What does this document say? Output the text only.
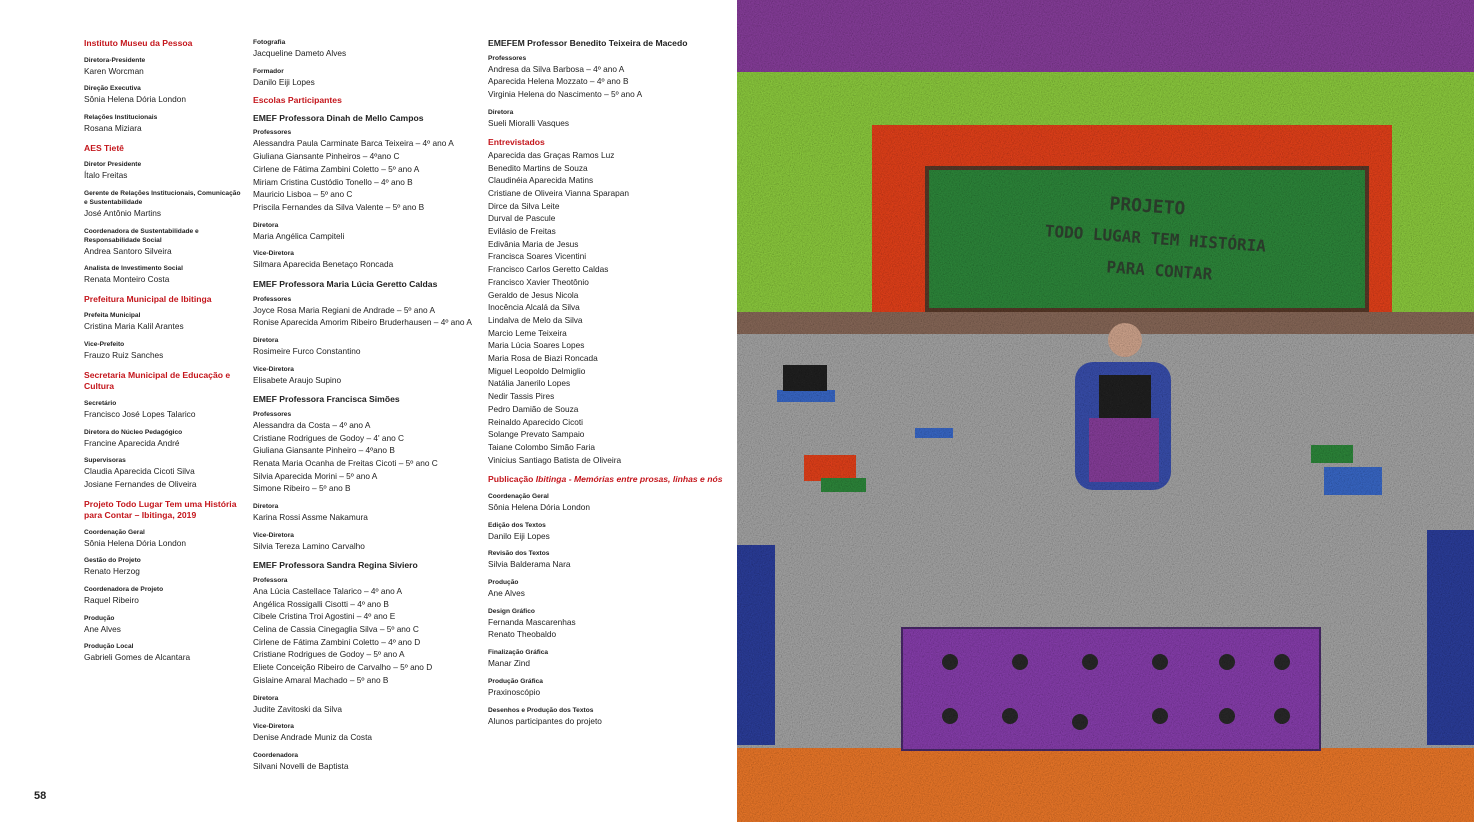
Instituto Museu da Pessoa

Diretora-Presidente

Karen Worcman

Direção Executiva

Sônia Helena Dória London

Relações Institucionais

Rosana Miziara

AES Tietê

Diretor Presidente

Ítalo Freitas

Gerente de Relações Institucionais, Comunicação e Sustentabilidade

José Antônio Martins

Coordenadora de Sustentabilidade e Responsabilidade Social

Andrea Santoro Silveira

Analista de Investimento Social

Renata Monteiro Costa

Prefeitura Municipal de Ibitinga

Prefeita Municipal

Cristina Maria Kalil Arantes

Vice-Prefeito

Frauzo Ruiz Sanches

Secretaria Municipal de Educação e Cultura

Secretário

Francisco José Lopes Talarico

Diretora do Núcleo Pedagógico

Francine Aparecida André

Supervisoras

Claudia Aparecida Cicoti Silva

Josiane Fernandes de Oliveira

Projeto Todo Lugar Tem uma História para Contar – Ibitinga, 2019

Coordenação Geral

Sônia Helena Dória London

Gestão do Projeto

Renato Herzog

Coordenadora de Projeto

Raquel Ribeiro

Produção

Ane Alves

Produção Local

Gabrieli Gomes de Alcantara

Fotografia

Jacqueline Dameto Alves

Formador

Danilo Eiji Lopes

Escolas Participantes

EMEF Professora Dinah de Mello Campos

Professores

Alessandra Paula Carminate Barca Teixeira – 4º ano A

Giuliana Giansante Pinheiros – 4ºano C

Cirlene de Fátima Zambini Coletto – 5º ano A

Miriam Cristina Custódio Tonello – 4º ano B

Mauricio Lisboa – 5º ano C

Priscila Fernandes da Silva Valente – 5º ano B

Diretora

Maria Angélica Campiteli

Vice-Diretora

Silmara Aparecida Benetaço Roncada

EMEF Professora Maria Lúcia Geretto Caldas

Professores

Joyce Rosa Maria Regiani de Andrade – 5º ano A

Ronise Aparecida Amorim Ribeiro Bruderhausen – 4º ano A

Diretora

Rosimeire Furco Constantino

Vice-Diretora

Elisabete Araujo Supino

EMEF Professora Francisca Simões

Professores

Alessandra da Costa – 4º ano A

Cristiane Rodrigues de Godoy – 4' ano C

Giuliana Giansante Pinheiro – 4ºano B

Renata Maria Ocanha de Freitas Cicoti – 5º ano C

Silvia Aparecida Morini – 5º ano A

Simone Ribeiro – 5º ano B

Diretora

Karina Rossi Assme Nakamura

Vice-Diretora

Silvia Tereza Lamino Carvalho

EMEF Professora Sandra Regina Siviero

Professora

Ana Lúcia Castellace Talarico – 4º ano A

Angélica Rossigalli Cisotti – 4º ano B

Cibele Cristina Troi Agostini – 4º ano E

Celina de Cassia Cinegaglia Silva – 5º ano C

Cirlene de Fátima Zambini Coletto – 4º ano D

Cristiane Rodrigues de Godoy – 5º ano A

Eliete Conceição Ribeiro de Carvalho – 5º ano D

Gislaine Amaral Machado – 5º ano B

Diretora

Judite Zavitoski da Silva

Vice-Diretora

Denise Andrade Muniz da Costa

Coordenadora

Silvani Novelli de Baptista

EMEFEM Professor Benedito Teixeira de Macedo

Professores

Andresa da Silva Barbosa – 4º ano A

Aparecida Helena Mozzato – 4º ano B

Virginia Helena do Nascimento – 5º ano A

Diretora

Sueli Mioralli Vasques

Entrevistados

Aparecida das Graças Ramos Luz

Benedito Martins de Souza

Claudinéia Aparecida Matins

Cristiane de Oliveira Vianna Sparapan

Dirce da Silva Leite

Durval de Pascule

Evilásio de Freitas

Edivânia Maria de Jesus

Francisca Soares Vicentini

Francisco Carlos Geretto Caldas

Francisco Xavier Theotônio

Geraldo de Jesus Nicola

Inocência Alcalá da Silva

Lindalva de Melo da Silva

Marcio Leme Teixeira

Maria Lúcia Soares Lopes

Maria Rosa de Biazi Roncada

Miguel Leopoldo Delmiglio

Natália Janerilo Lopes

Nedir Tassis Pires

Pedro Damião de Souza

Reinaldo Aparecido Cicoti

Solange Prevato Sampaio

Taiane Colombo Simão Faria

Vinicius Santiago Batista de Oliveira

Publicação Ibitinga - Memórias entre prosas, linhas e nós

Coordenação Geral

Sônia Helena Dória London

Edição dos Textos

Danilo Eiji Lopes

Revisão dos Textos

Silvia Balderama Nara

Produção

Ane Alves

Design Gráfico

Fernanda Mascarenhas

Renato Theobaldo

Finalização Gráfica

Manar Zind

Produção Gráfica

Praxinoscópio

Desenhos e Produção dos Textos

Alunos participantes do projeto

58
PROJETO
TODO LUGAR TEM HISTÓRIA
PARA CONTAR
